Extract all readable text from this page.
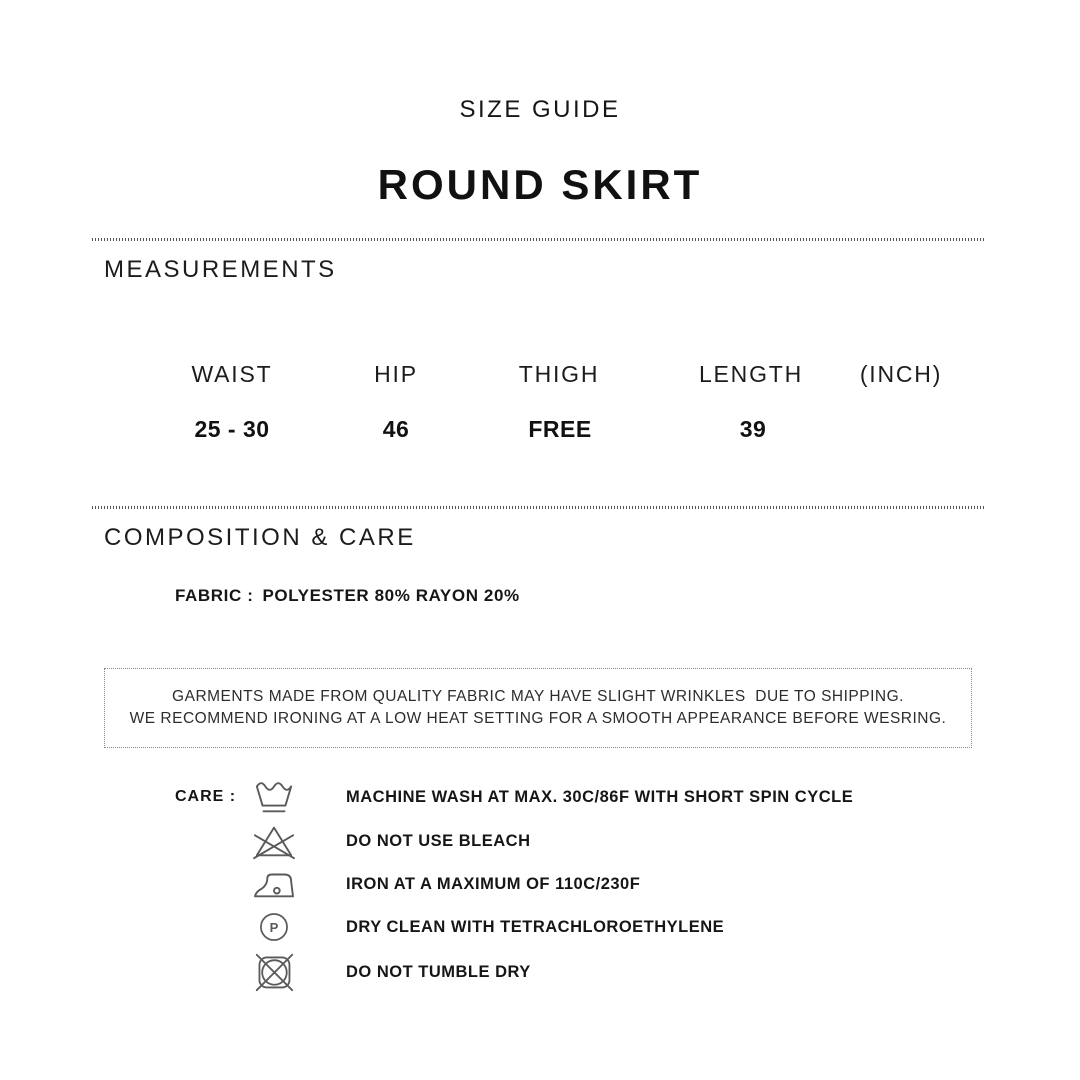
SIZE GUIDE
ROUND SKIRT
MEASUREMENTS
WAIST	HIP	THIGH	LENGTH (INCH)
25 - 30	46	FREE	39
COMPOSITION & CARE
FABRIC : POLYESTER 80% RAYON 20%
GARMENTS MADE FROM QUALITY FABRIC MAY HAVE SLIGHT WRINKLES  DUE TO SHIPPING.
WE RECOMMEND IRONING AT A LOW HEAT SETTING FOR A SMOOTH APPEARANCE BEFORE WESRING.
CARE :	MACHINE WASH AT MAX. 30C/86F WITH SHORT SPIN CYCLE
DO NOT USE BLEACH
IRON AT A MAXIMUM OF 110C/230F
P	DRY CLEAN WITH TETRACHLOROETHYLENE
DO NOT TUMBLE DRY
